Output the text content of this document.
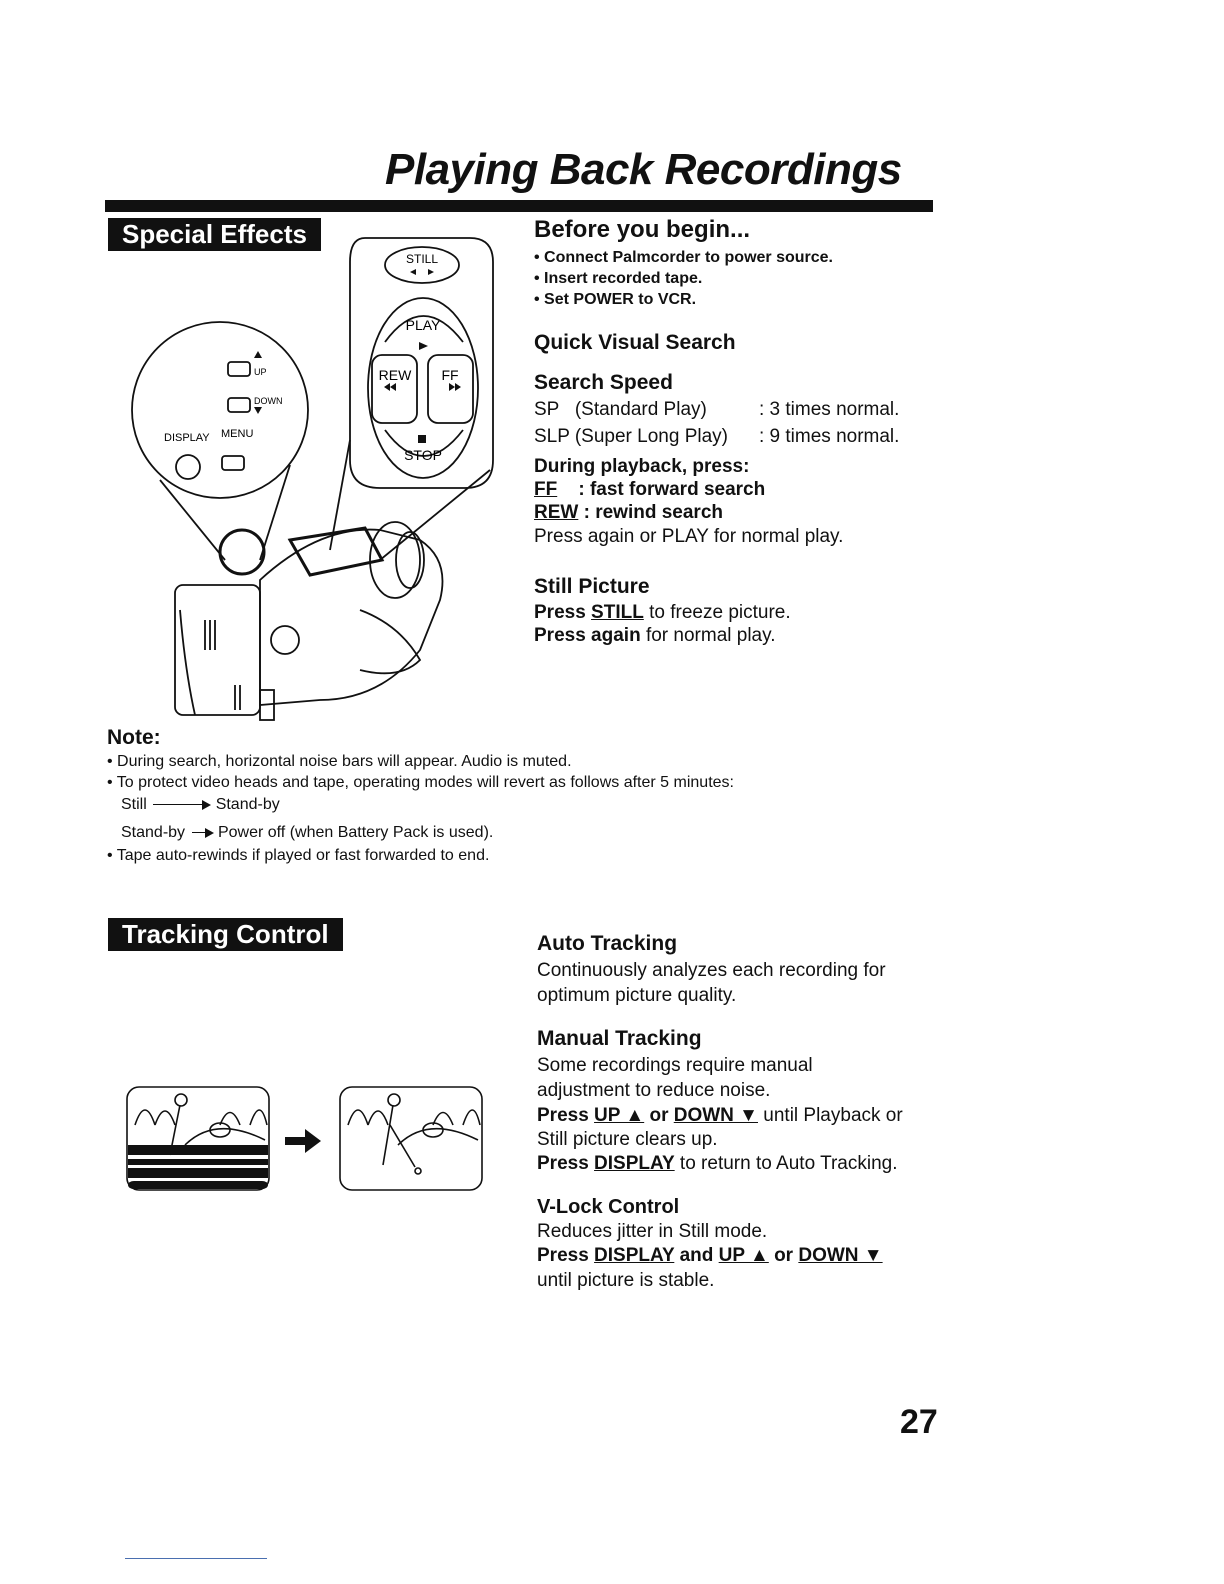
Playing Back Recordings
Special Effects
STILL
PLAY
REW FF
STOP
UP
DOWN
DISPLAY MENU
Before you begin...
• Connect Palmcorder to power source.
• Insert recorded tape.
• Set POWER to VCR.
Quick Visual Search
Search Speed
SP   (Standard Play)	: 3 times normal.
SLP (Super Long Play) : 9 times normal.
During playback, press:
FF    : fast forward search
REW : rewind search
Press again or PLAY for normal play.
Still Picture
Press STILL to freeze picture.
Press again for normal play.
Note:
• During search, horizontal noise bars will appear. Audio is muted.
• To protect video heads and tape, operating modes will revert as follows after 5 minutes:
Still	Stand-by
Stand-by Power off (when Battery Pack is used).
• Tape auto-rewinds if played or fast forwarded to end.
Tracking Control	Auto Tracking
Continuously analyzes each recording for
optimum picture quality.
Manual Tracking
Some recordings require manual
adjustment to reduce noise.
Press UP ▲ or DOWN ▼ until Playback or
Still picture clears up.
Press DISPLAY to return to Auto Tracking.
V-Lock Control
Reduces jitter in Still mode.
Press DISPLAY and UP ▲ or DOWN ▼
until picture is stable.
27
